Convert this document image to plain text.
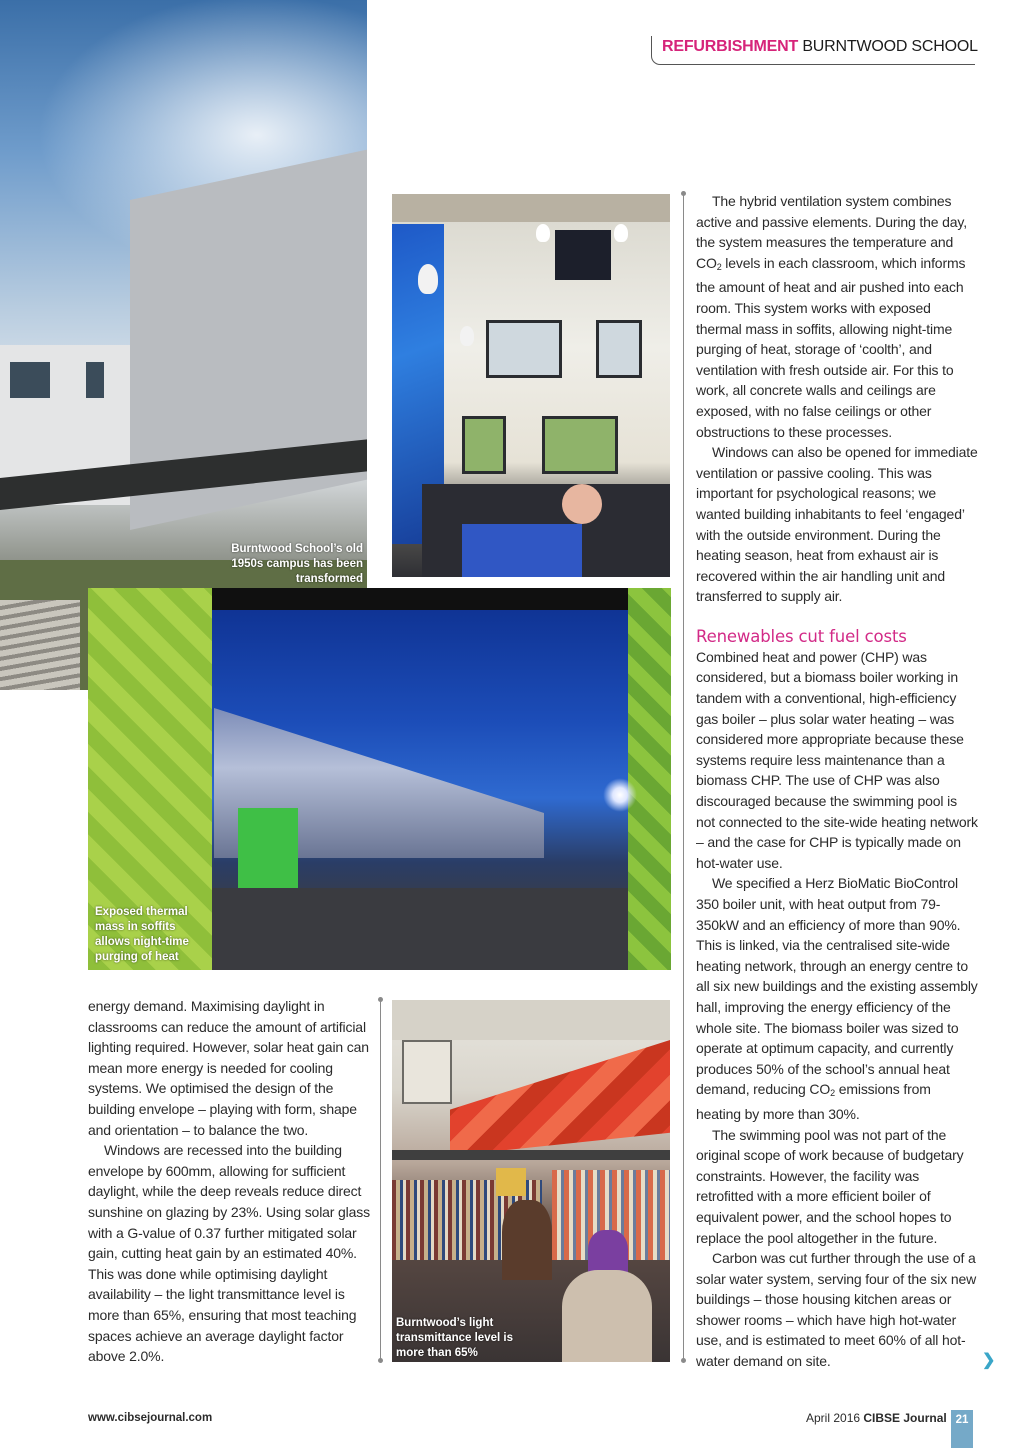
REFURBISHMENT BURNTWOOD SCHOOL
Burntwood School’s old 1950s campus has been transformed
Exposed thermal mass in soffits allows night-time purging of heat
Burntwood’s light transmittance level is more than 65%

energy demand. Maximising daylight in classrooms can reduce the amount of artificial lighting required. However, solar heat gain can mean more energy is needed for cooling systems. We optimised the design of the building envelope – playing with form, shape and orientation – to balance the two.

Windows are recessed into the building envelope by 600mm, allowing for sufficient daylight, while the deep reveals reduce direct sunshine on glazing by 23%. Using solar glass with a G-value of 0.37 further mitigated solar gain, cutting heat gain by an estimated 40%. This was done while optimising daylight availability – the light transmittance level is more than 65%, ensuring that most teaching spaces achieve an average daylight factor above 2.0%.

The hybrid ventilation system combines active and passive elements. During the day, the system measures the temperature and $CO_2$ levels in each classroom, which informs the amount of heat and air pushed into each room. This system works with exposed thermal mass in soffits, allowing night-time purging of heat, storage of ‘coolth’, and ventilation with fresh outside air. For this to work, all concrete walls and ceilings are exposed, with no false ceilings or other obstructions to these processes.

Windows can also be opened for immediate ventilation or passive cooling. This was important for psychological reasons; we wanted building inhabitants to feel ‘engaged’ with the outside environment. During the heating season, heat from exhaust air is recovered within the air handling unit and transferred to supply air.

Renewables cut fuel costs

Combined heat and power (CHP) was considered, but a biomass boiler working in tandem with a conventional, high-efficiency gas boiler – plus solar water heating – was considered more appropriate because these systems require less maintenance than a biomass CHP. The use of CHP was also discouraged because the swimming pool is not connected to the site-wide heating network – and the case for CHP is typically made on hot-water use.

We specified a Herz BioMatic BioControl 350 boiler unit, with heat output from 79-350kW and an efficiency of more than 90%. This is linked, via the centralised site-wide heating network, through an energy centre to all six new buildings and the existing assembly hall, improving the energy efficiency of the whole site. The biomass boiler was sized to operate at optimum capacity, and currently produces 50% of the school’s annual heat demand, reducing $CO_2$ emissions from heating by more than 30%.

The swimming pool was not part of the original scope of work because of budgetary constraints. However, the facility was retrofitted with a more efficient boiler of equivalent power, and the school hopes to replace the pool altogether in the future.

Carbon was cut further through the use of a solar water system, serving four of the six new buildings – those housing kitchen areas or shower rooms – which have high hot-water use, and is estimated to meet 60% of all hot-water demand on site.	❯
www.cibsejournal.com	April 2016 CIBSE Journal 21
